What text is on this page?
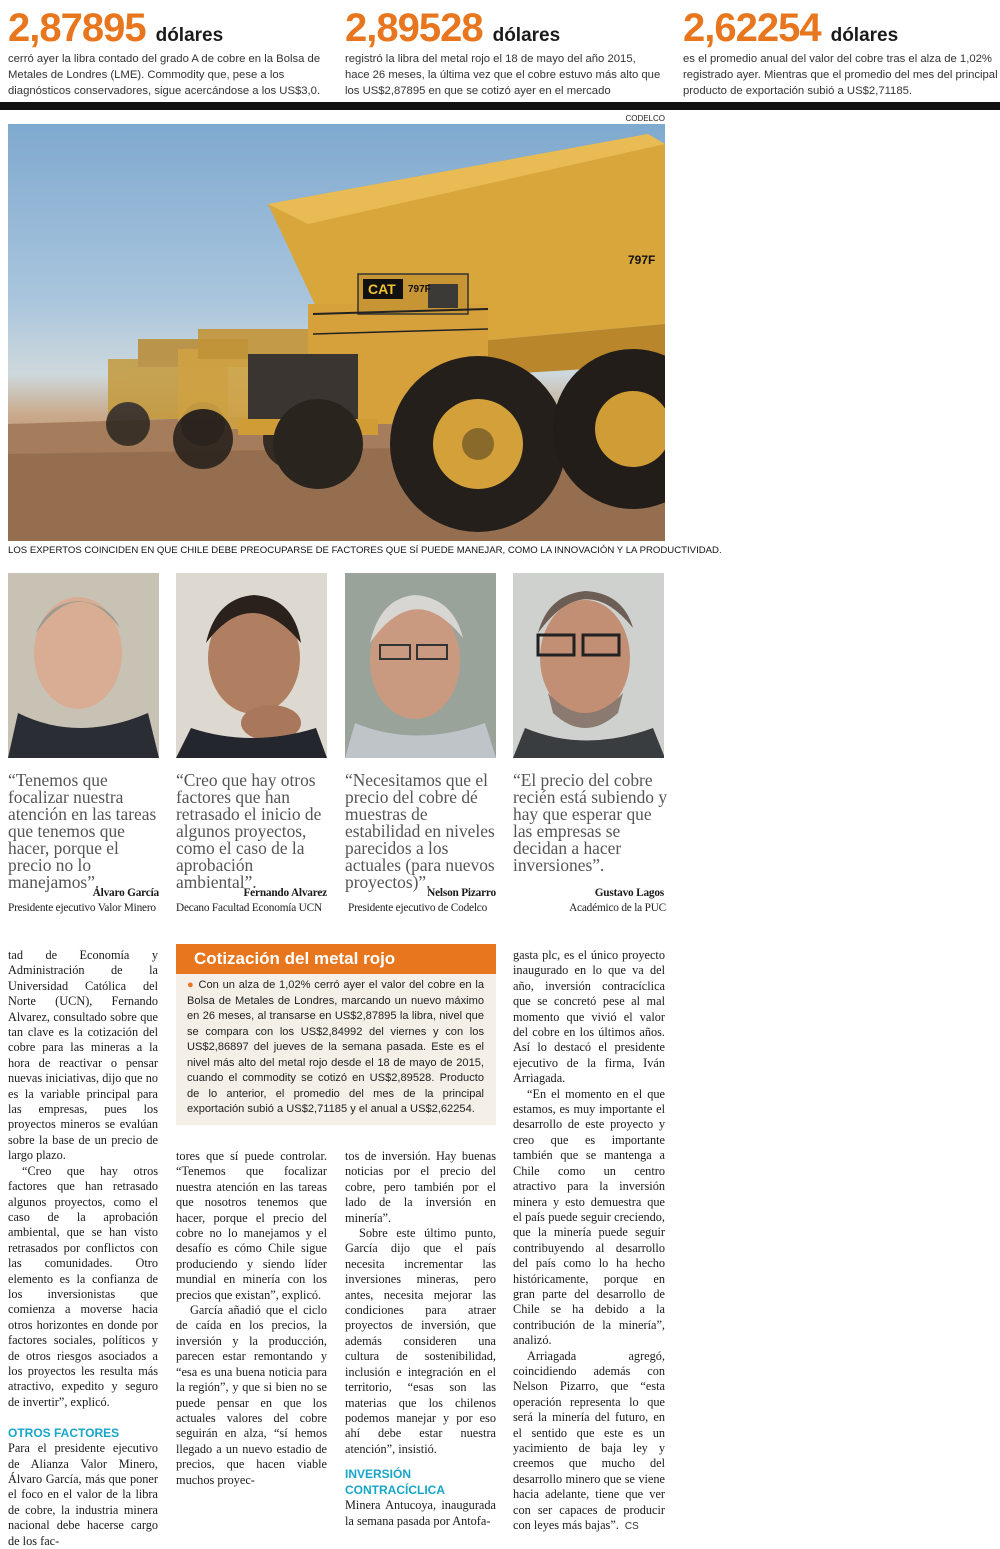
2,87895 dólares
cerró ayer la libra contado del grado A de cobre en la Bolsa de Metales de Londres (LME). Commodity que, pese a los diagnósticos conservadores, sigue acercándose a los US$3,0.
2,89528 dólares
registró la libra del metal rojo el 18 de mayo del año 2015, hace 26 meses, la última vez que el cobre estuvo más alto que los US$2,87895 en que se cotizó ayer en el mercado
2,62254 dólares
es el promedio anual del valor del cobre tras el alza de 1,02% registrado ayer. Mientras que el promedio del mes del principal producto de exportación subió a US$2,71185.
CODELCO
CAT 797F
797F
LOS EXPERTOS COINCIDEN EN QUE CHILE DEBE PREOCUPARSE DE FACTORES QUE SÍ PUEDE MANEJAR, COMO LA INNOVACIÓN Y LA PRODUCTIVIDAD.
“Tenemos que focalizar nuestra atención en las tareas que tenemos que hacer, porque el precio no lo manejamos”.
“Creo que hay otros factores que han retrasado el inicio de algunos proyectos, como el caso de la aprobación ambiental”.
“Necesitamos que el precio del cobre dé muestras de estabilidad en niveles parecidos a los actuales (para nuevos proyectos)”.
“El precio del cobre recién está subiendo y hay que esperar que las empresas se decidan a hacer inversiones”.
Alvaro García	Fernando Alvarez	Nelson Pizarro	Gustavo Lagos
Presidente ejecutivo Valor Minero	Decano Facultad Economía UCN	Presidente ejecutivo de Codelco	Académico de la PUC

tad de Economía y Administración de la Universidad Católica del Norte (UCN), Fernando Alvarez, consultado sobre que tan clave es la cotización del cobre para las mineras a la hora de reactivar o pensar nuevas iniciativas, dijo que no es la variable principal para las empresas, pues los proyectos mineros se evalúan sobre la base de un precio de largo plazo.

“Creo que hay otros factores que han retrasado algunos proyectos, como el caso de la aprobación ambiental, que se han visto retrasados por conflictos con las comunidades. Otro elemento es la confianza de los inversionistas que comienza a moverse hacia otros horizontes en donde por factores sociales, políticos y de otros riesgos asociados a los proyectos les resulta más atractivo, expedito y seguro de invertir”, explicó.

OTROS FACTORES

Para el presidente ejecutivo de Alianza Valor Minero, Álvaro García, más que poner el foco en el valor de la libra de cobre, la industria minera nacional debe hacerse cargo de los fac-

Cotización del metal rojo
● Con un alza de 1,02% cerró ayer el valor del cobre en la Bolsa de Metales de Londres, marcando un nuevo máximo en 26 meses, al transarse en US$2,87895 la libra, nivel que se compara con los US$2,84992 del viernes y con los US$2,86897 del jueves de la semana pasada. Este es el nivel más alto del metal rojo desde el 18 de mayo de 2015, cuando el commodity se cotizó en US$2,89528. Producto de lo anterior, el promedio del mes de la principal exportación subió a US$2,71185 y el anual a US$2,62254.

tores que sí puede controlar. “Tenemos que focalizar nuestra atención en las tareas que nosotros tenemos que hacer, porque el precio del cobre no lo manejamos y el desafío es cómo Chile sigue produciendo y siendo líder mundial en minería con los precios que existan”, explicó.

García añadió que el ciclo de caída en los precios, la inversión y la producción, parecen estar remontando y “esa es una buena noticia para la región”, y que si bien no se puede pensar en que los actuales valores del cobre seguirán en alza, “sí hemos llegado a un nuevo estadio de precios, que hacen viable muchos proyec-

tos de inversión. Hay buenas noticias por el precio del cobre, pero también por el lado de la inversión en minería”.

Sobre este último punto, García dijo que el país necesita incrementar las inversiones mineras, pero antes, necesita mejorar las condiciones para atraer proyectos de inversión, que además consideren una cultura de sostenibilidad, inclusión e integración en el territorio, “esas son las materias que los chilenos podemos manejar y por eso ahí debe estar nuestra atención”, insistió.

INVERSIÓN CONTRACÍCLICA

Minera Antucoya, inaugurada la semana pasada por Antofa-

gasta plc, es el único proyecto inaugurado en lo que va del año, inversión contracíclica que se concretó pese al mal momento que vivió el valor del cobre en los últimos años. Así lo destacó el presidente ejecutivo de la firma, Iván Arriagada.

“En el momento en el que estamos, es muy importante el desarrollo de este proyecto y creo que es importante también que se mantenga a Chile como un centro atractivo para la inversión minera y esto demuestra que el país puede seguir creciendo, que la minería puede seguir contribuyendo al desarrollo del país como lo ha hecho históricamente, porque en gran parte del desarrollo de Chile se ha debido a la contribución de la minería”, analizó.

Arriagada agregó, coincidiendo además con Nelson Pizarro, que “esta operación representa lo que será la minería del futuro, en el sentido que este es un yacimiento de baja ley y creemos que mucho del desarrollo minero que se viene hacia adelante, tiene que ver con ser capaces de producir con leyes más bajas”. CS
